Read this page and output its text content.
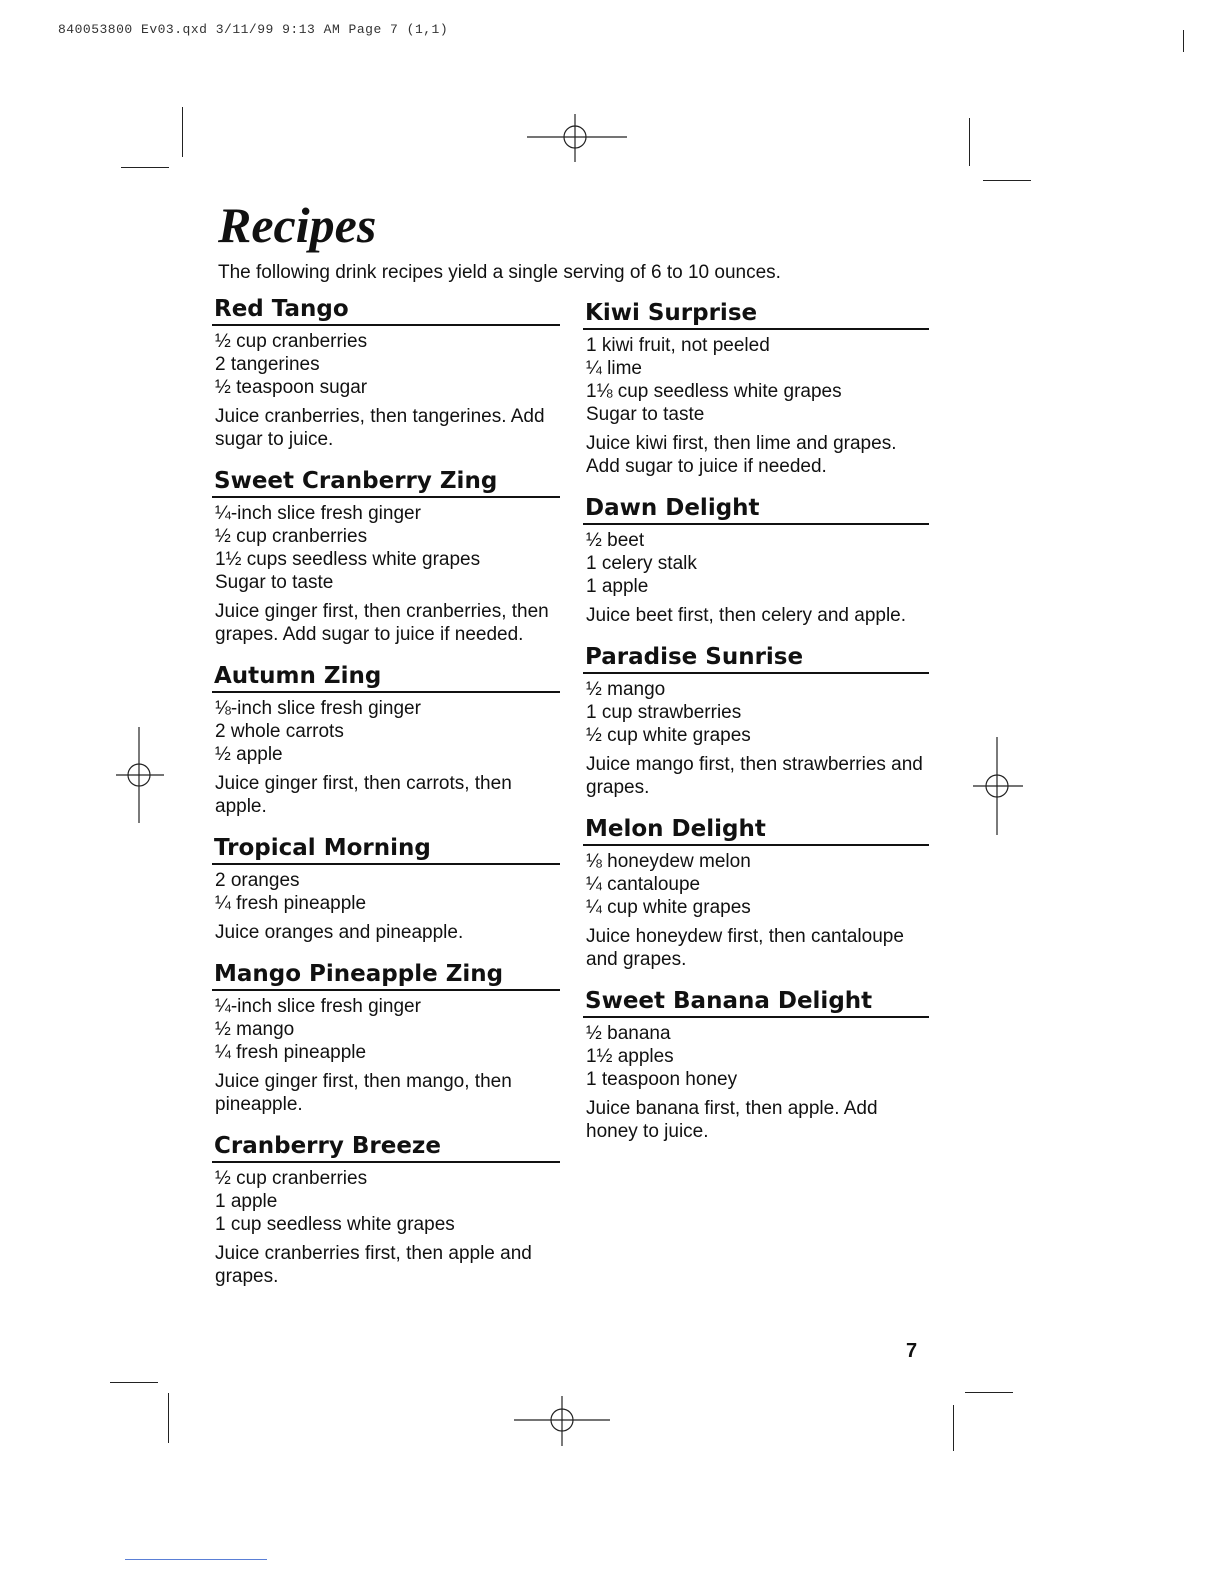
840053800 Ev03.qxd 3/11/99 9:13 AM Page 7 (1,1)
Recipes

The following drink recipes yield a single serving of 6 to 10 ounces.

Red Tango
½ cup cranberries
2 tangerines
½ teaspoon sugar

Juice cranberries, then tangerines. Add sugar to juice.

Sweet Cranberry Zing
¼-inch slice fresh ginger
½ cup cranberries
1½ cups seedless white grapes
Sugar to taste

Juice ginger first, then cranberries, then grapes. Add sugar to juice if needed.

Autumn Zing
⅛-inch slice fresh ginger
2 whole carrots
½ apple

Juice ginger first, then carrots, then apple.

Tropical Morning
2 oranges
¼ fresh pineapple

Juice oranges and pineapple.

Mango Pineapple Zing
¼-inch slice fresh ginger
½ mango
¼ fresh pineapple

Juice ginger first, then mango, then pineapple.

Cranberry Breeze
½ cup cranberries
1 apple
1 cup seedless white grapes

Juice cranberries first, then apple and grapes.

Kiwi Surprise
1 kiwi fruit, not peeled
¼ lime
1⅛ cup seedless white grapes
Sugar to taste

Juice kiwi first, then lime and grapes. Add sugar to juice if needed.

Dawn Delight
½ beet
1 celery stalk
1 apple

Juice beet first, then celery and apple.

Paradise Sunrise
½ mango
1 cup strawberries
½ cup white grapes

Juice mango first, then strawberries and grapes.

Melon Delight
⅛ honeydew melon
¼ cantaloupe
¼ cup white grapes

Juice honeydew first, then cantaloupe and grapes.

Sweet Banana Delight
½ banana
1½ apples
1 teaspoon honey

Juice banana first, then apple. Add honey to juice.

7
